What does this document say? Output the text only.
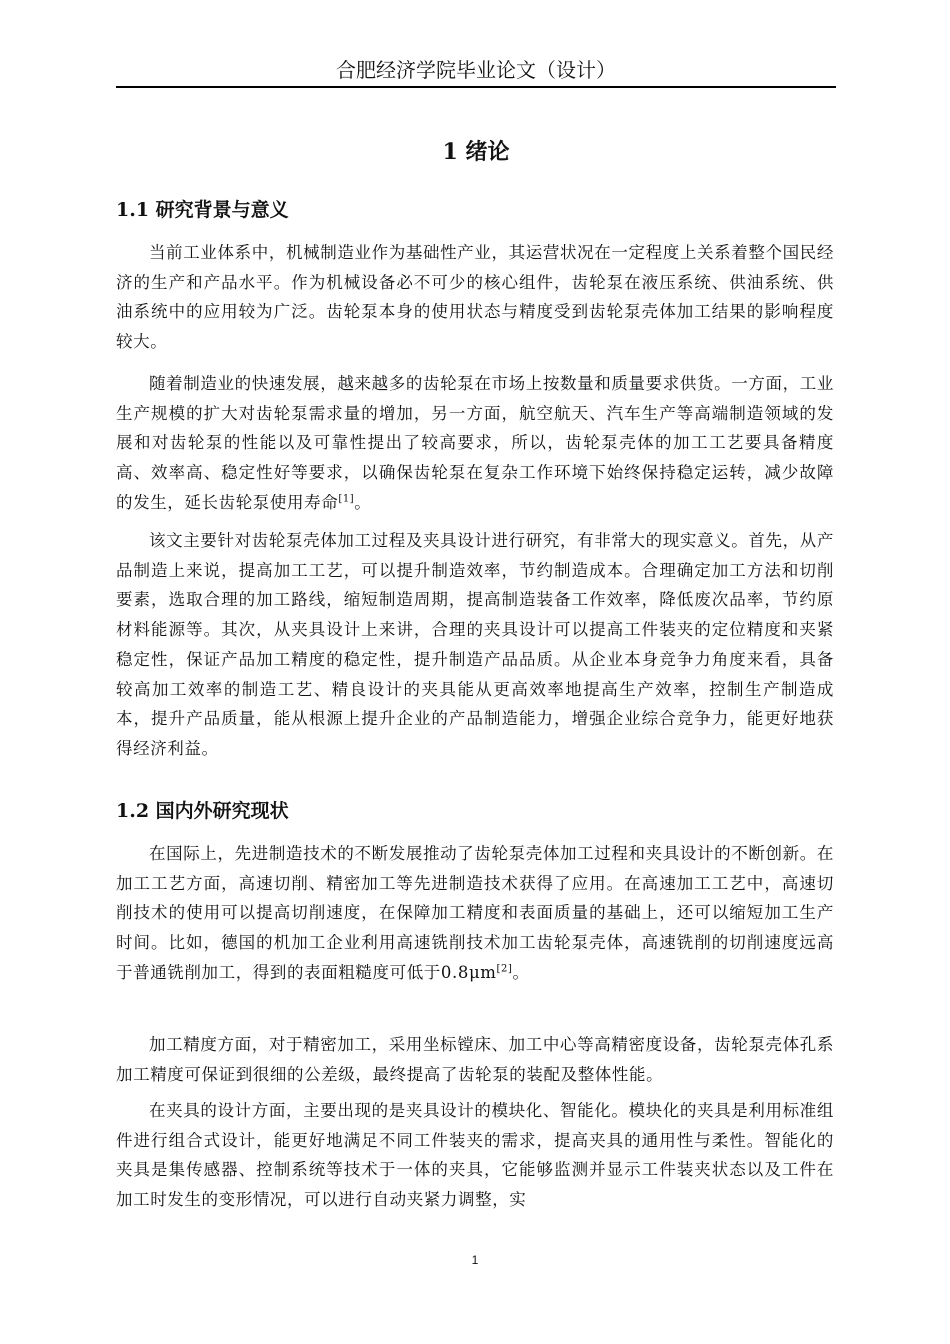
合肥经济学院毕业论文（设计）
1 绪论
1.1 研究背景与意义

当前工业体系中，机械制造业作为基础性产业，其运营状况在一定程度上关系着整个国民经济的生产和产品水平。作为机械设备必不可少的核心组件，齿轮泵在液压系统、供油系统、供油系统中的应用较为广泛。齿轮泵本身的使用状态与精度受到齿轮泵壳体加工结果的影响程度较大。

随着制造业的快速发展，越来越多的齿轮泵在市场上按数量和质量要求供货。一方面，工业生产规模的扩大对齿轮泵需求量的增加，另一方面，航空航天、汽车生产等高端制造领域的发展和对齿轮泵的性能以及可靠性提出了较高要求，所以，齿轮泵壳体的加工工艺要具备精度高、效率高、稳定性好等要求，以确保齿轮泵在复杂工作环境下始终保持稳定运转，减少故障的发生，延长齿轮泵使用寿命[1]。

该文主要针对齿轮泵壳体加工过程及夹具设计进行研究，有非常大的现实意义。首先，从产品制造上来说，提高加工工艺，可以提升制造效率，节约制造成本。合理确定加工方法和切削要素，选取合理的加工路线，缩短制造周期，提高制造装备工作效率，降低废次品率，节约原材料能源等。其次，从夹具设计上来讲，合理的夹具设计可以提高工件装夹的定位精度和夹紧稳定性，保证产品加工精度的稳定性，提升制造产品品质。从企业本身竞争力角度来看，具备较高加工效率的制造工艺、精良设计的夹具能从更高效率地提高生产效率，控制生产制造成本，提升产品质量，能从根源上提升企业的产品制造能力，增强企业综合竞争力，能更好地获得经济利益。

1.2 国内外研究现状

在国际上，先进制造技术的不断发展推动了齿轮泵壳体加工过程和夹具设计的不断创新。在加工工艺方面，高速切削、精密加工等先进制造技术获得了应用。在高速加工工艺中，高速切削技术的使用可以提高切削速度，在保障加工精度和表面质量的基础上，还可以缩短加工生产时间。比如，德国的机加工企业利用高速铣削技术加工齿轮泵壳体，高速铣削的切削速度远高于普通铣削加工，得到的表面粗糙度可低于0.8μm[2]。

加工精度方面，对于精密加工，采用坐标镗床、加工中心等高精密度设备，齿轮泵壳体孔系加工精度可保证到很细的公差级，最终提高了齿轮泵的装配及整体性能。

在夹具的设计方面，主要出现的是夹具设计的模块化、智能化。模块化的夹具是利用标准组件进行组合式设计，能更好地满足不同工件装夹的需求，提高夹具的通用性与柔性。智能化的夹具是集传感器、控制系统等技术于一体的夹具，它能够监测并显示工件装夹状态以及工件在加工时发生的变形情况，可以进行自动夹紧力调整，实

1
